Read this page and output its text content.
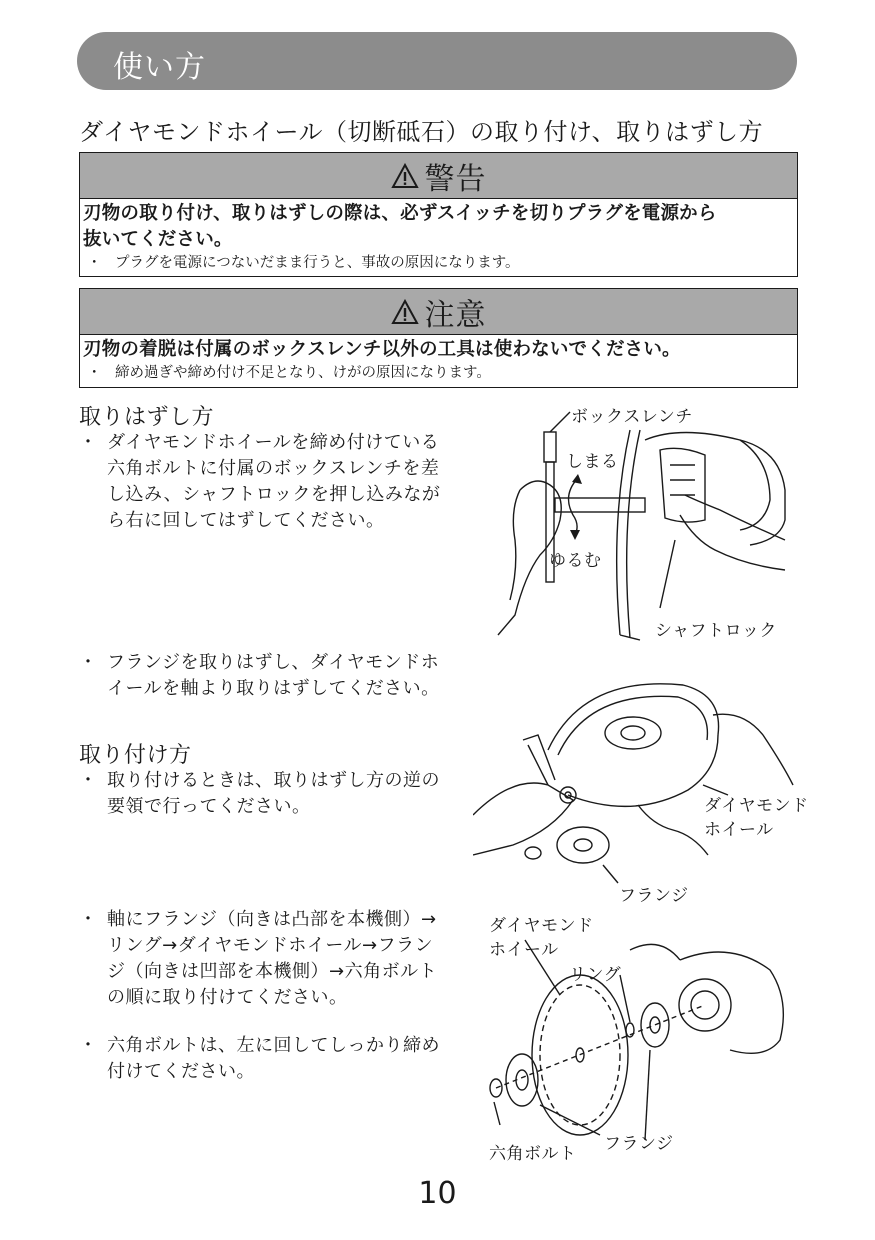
使い方
ダイヤモンドホイール（切断砥石）の取り付け、取りはずし方
警告
刃物の取り付け、取りはずしの際は、必ずスイッチを切りプラグを電源から
抜いてください。
・ プラグを電源につないだまま行うと、事故の原因になります。
注意
刃物の着脱は付属のボックスレンチ以外の工具は使わないでください。
・ 締め過ぎや締め付け不足となり、けがの原因になります。
取りはずし方
・ ダイヤモンドホイールを締め付けている六角ボルトに付属のボックスレンチを差し込み、シャフトロックを押し込みながら右に回してはずしてください。
・ フランジを取りはずし、ダイヤモンドホイールを軸より取りはずしてください。
取り付け方
・ 取り付けるときは、取りはずし方の逆の要領で行ってください。
・ 軸にフランジ（向きは凸部を本機側）→リング→ダイヤモンドホイール→フランジ（向きは凹部を本機側）→六角ボルトの順に取り付けてください。
・ 六角ボルトは、左に回してしっかり締め付けてください。
ボックスレンチ
しまる
ゆるむ
シャフトロック
ダイヤモンド
ホイール
フランジ
ダイヤモンド
ホイール
リング
六角ボルト フランジ
10
